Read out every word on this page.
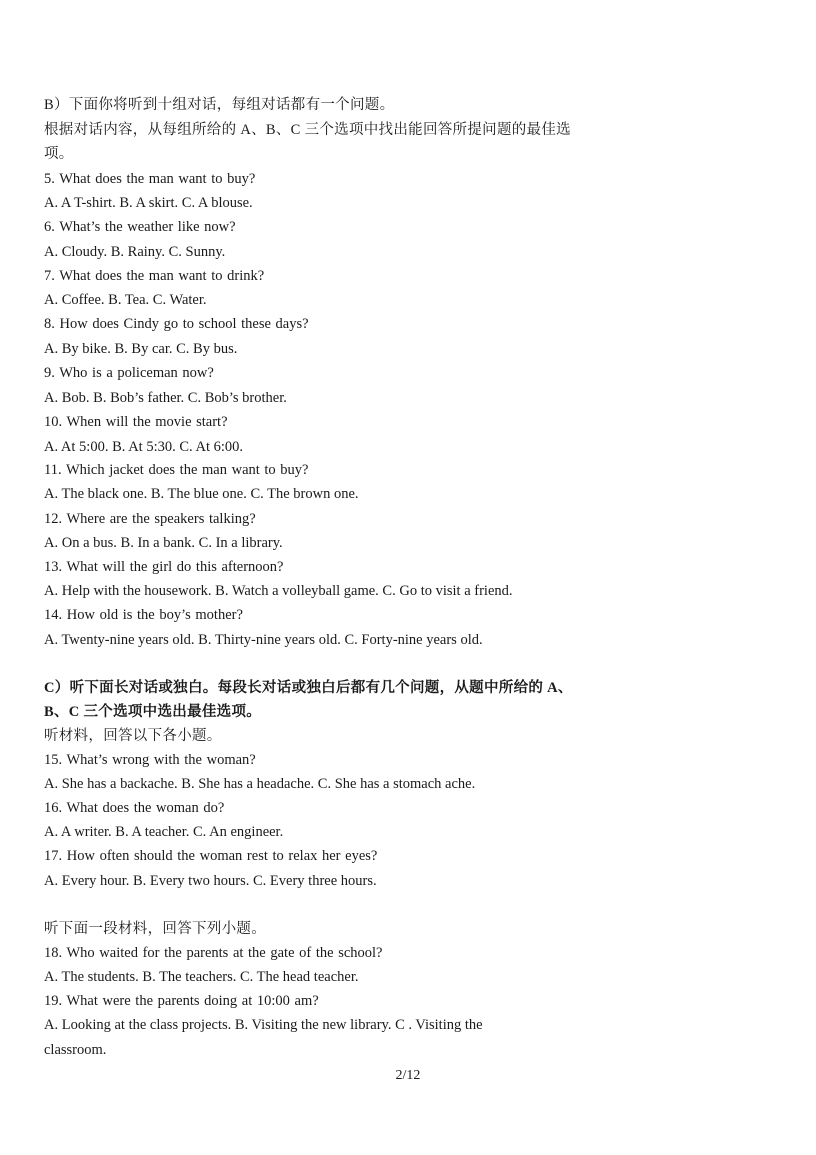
B）下面你将听到十组对话，每组对话都有一个问题。
根据对话内容，从每组所给的 A、B、C 三个选项中找出能回答所提问题的最佳选
项。
5. What does the man want to buy?
A. A T-shirt. B. A skirt. C. A blouse.
6. What’s the weather like now?
A. Cloudy. B. Rainy. C. Sunny.
7. What does the man want to drink?
A. Coffee. B. Tea. C. Water.
8. How does Cindy go to school these days?
A. By bike. B. By car. C. By bus.
9. Who is a policeman now?
A. Bob. B. Bob’s father. C. Bob’s brother.
10. When will the movie start?
A. At 5:00. B. At 5:30. C. At 6:00.
11. Which jacket does the man want to buy?
A. The black one. B. The blue one. C. The brown one.
12. Where are the speakers talking?
A. On a bus. B. In a bank. C. In a library.
13. What will the girl do this afternoon?
A. Help with the housework. B. Watch a volleyball game. C. Go to visit a friend.
14. How old is the boy’s mother?
A. Twenty-nine years old. B. Thirty-nine years old. C. Forty-nine years old.
C）听下面长对话或独白。每段长对话或独白后都有几个问题，从题中所给的 A、
B、C 三个选项中选出最佳选项。
听材料，回答以下各小题。
15. What’s wrong with the woman?
A. She has a backache. B. She has a headache. C. She has a stomach ache.
16. What does the woman do?
A. A writer. B. A teacher. C. An engineer.
17. How often should the woman rest to relax her eyes?
A. Every hour. B. Every two hours. C. Every three hours.
听下面一段材料，回答下列小题。
18. Who waited for the parents at the gate of the school?
A. The students. B. The teachers. C. The head teacher.
19. What were the parents doing at 10:00 am?
A. Looking at the class projects. B. Visiting the new library. C . Visiting the
classroom.
2/12
